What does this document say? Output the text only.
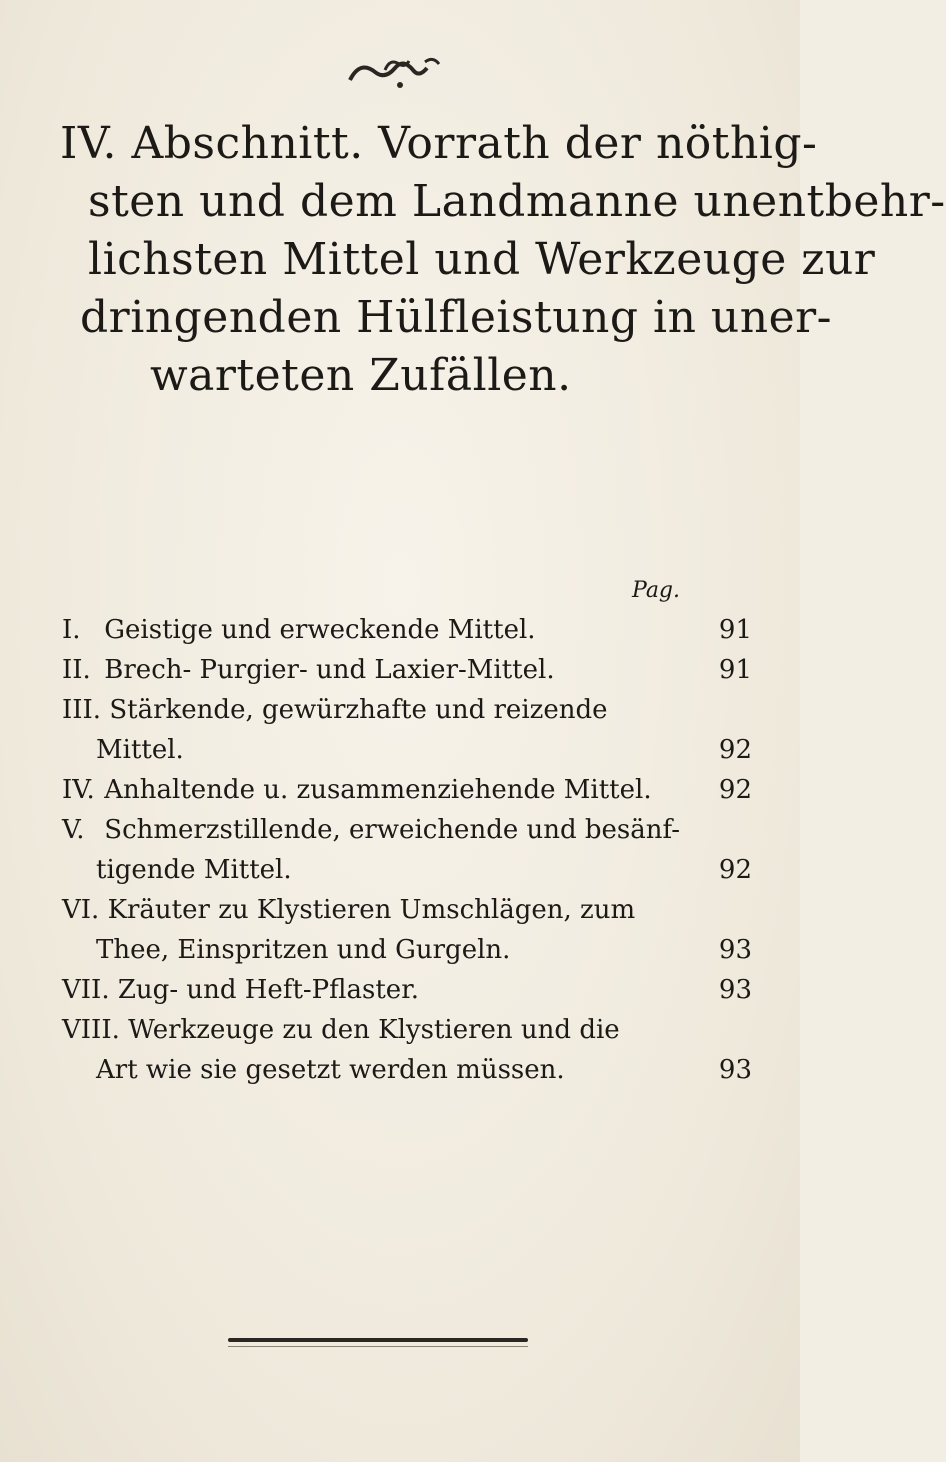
IV. Abschnitt. Vorrath der nöthig-
sten und dem Landmanne unentbehr-
lichsten Mittel und Werkzeuge zur
dringenden Hülfleistung in uner-
warteten Zufällen.
Pag.
I. Geistige und erweckende Mittel.	91
II. Brech- Purgier- und Laxier-Mittel.	91
III. Stärkende, gewürzhafte und reizende
Mittel.	92
IV. Anhaltende u. zusammenziehende Mittel.	92
V. Schmerzstillende, erweichende und besänf-
tigende Mittel.	92
VI. Kräuter zu Klystieren Umschlägen, zum
Thee, Einspritzen und Gurgeln.	93
VII. Zug- und Heft-Pflaster.	93
VIII. Werkzeuge zu den Klystieren und die
Art wie sie gesetzt werden müssen.	93
